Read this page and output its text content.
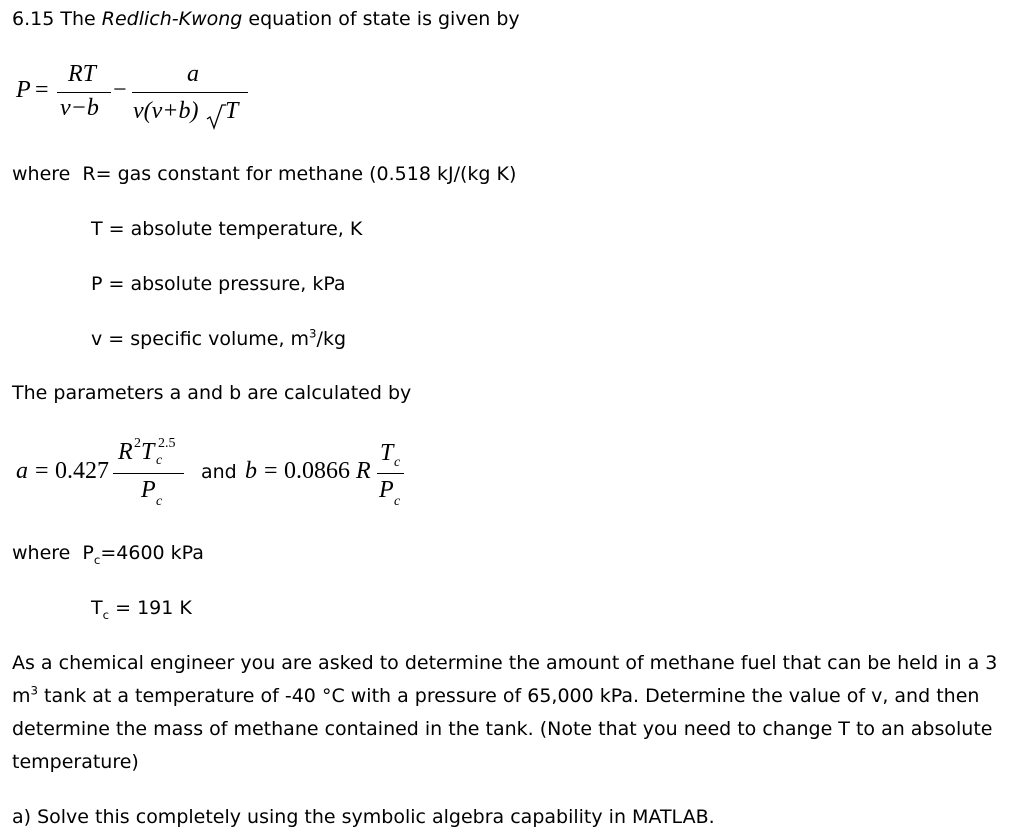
6.15 The Redlich-Kwong equation of state is given by
P =
RT
v−b
−
a
v(v+b) T
where R= gas constant for methane (0.518 kJ/(kg K)
T = absolute temperature, K
P = absolute pressure, kPa
v = specific volume, $m^3/kg$
The parameters a and b are calculated by
a = 0.427
R 2 T 2.5
c
P c
and b = 0.0866 R
T c
P c
where $P_c=4600$ kPa
$T_c = 191$ K
As a chemical engineer you are asked to determine the amount of methane fuel that can be held in a 3
$m^3$ tank at a temperature of -40 °C with a pressure of 65,000 kPa. Determine the value of v, and then
determine the mass of methane contained in the tank. (Note that you need to change T to an absolute
temperature)
a) Solve this completely using the symbolic algebra capability in MATLAB.
